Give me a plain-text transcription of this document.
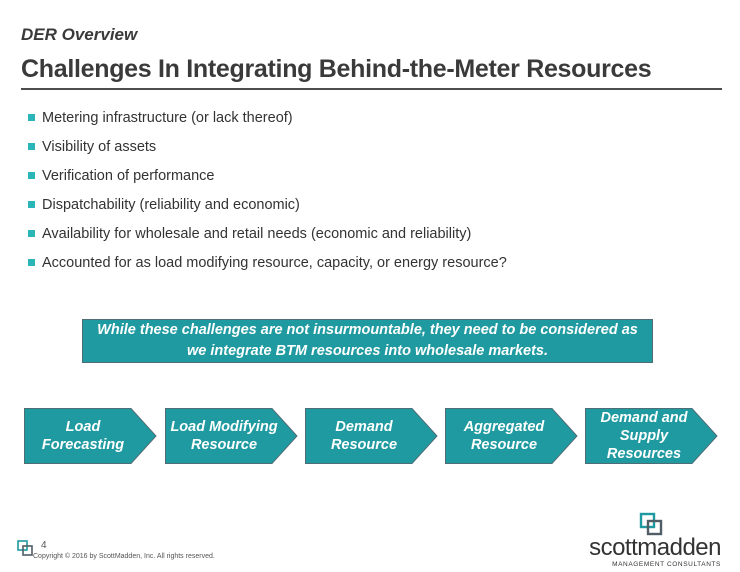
DER Overview
Challenges In Integrating Behind-the-Meter Resources
Metering infrastructure (or lack thereof)
Visibility of assets
Verification of performance
Dispatchability (reliability and economic)
Availability for wholesale and retail needs (economic and reliability)
Accounted for as load modifying resource, capacity, or energy resource?
While these challenges are not insurmountable, they need to be considered as
we integrate BTM resources into wholesale markets.
Load
Forecasting
Load Modifying
Resource
Demand
Resource
Aggregated
Resource
Demand and
Supply
Resources
4
Copyright © 2016 by ScottMadden, Inc. All rights reserved.	scottmadden
MANAGEMENT CONSULTANTS
